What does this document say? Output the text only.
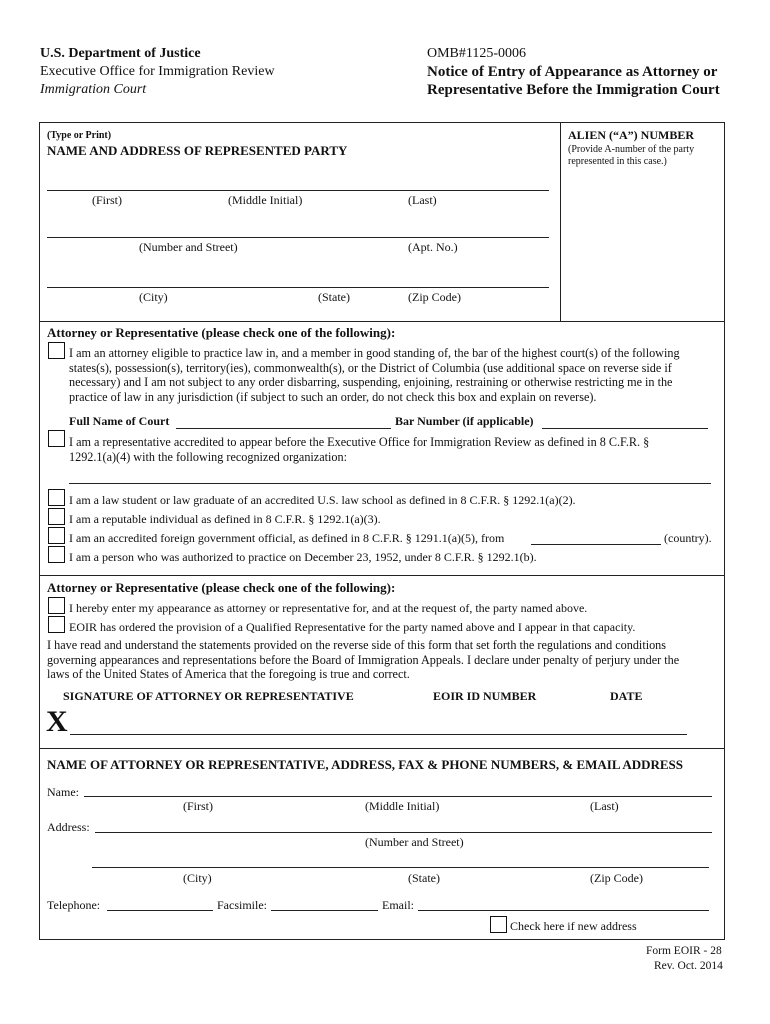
U.S. Department of Justice
Executive Office for Immigration Review
Immigration Court
OMB#1125-0006
Notice of Entry of Appearance as Attorney or
Representative Before the Immigration Court
(Type or Print)
NAME AND ADDRESS OF REPRESENTED PARTY
ALIEN (“A”) NUMBER
(Provide A-number of the party
represented in this case.)
(First)	(Middle Initial)	(Last)
(Number and Street)	(Apt. No.)
(City)	(State)	(Zip Code)
Attorney or Representative (please check one of the following):
I am an attorney eligible to practice law in, and a member in good standing of, the bar of the highest court(s) of the following
states(s), possession(s), territory(ies), commonwealth(s), or the District of Columbia (use additional space on reverse side if
necessary) and I am not subject to any order disbarring, suspending, enjoining, restraining or otherwise restricting me in the
practice of law in any jurisdiction (if subject to such an order, do not check this box and explain on reverse).
Full Name of Court	Bar Number (if applicable)
I am a representative accredited to appear before the Executive Office for Immigration Review as defined in 8 C.F.R. §
1292.1(a)(4) with the following recognized organization:
I am a law student or law graduate of an accredited U.S. law school as defined in 8 C.F.R. § 1292.1(a)(2).
I am a reputable individual as defined in 8 C.F.R. § 1292.1(a)(3).
I am an accredited foreign government official, as defined in 8 C.F.R. § 1291.1(a)(5), from	(country).
I am a person who was authorized to practice on December 23, 1952, under 8 C.F.R. § 1292.1(b).
Attorney or Representative (please check one of the following):
I hereby enter my appearance as attorney or representative for, and at the request of, the party named above.
EOIR has ordered the provision of a Qualified Representative for the party named above and I appear in that capacity.
I have read and understand the statements provided on the reverse side of this form that set forth the regulations and conditions
governing appearances and representations before the Board of Immigration Appeals. I declare under penalty of perjury under the
laws of the United States of America that the foregoing is true and correct.
SIGNATURE OF ATTORNEY OR REPRESENTATIVE	EOIR ID NUMBER	DATE
X
NAME OF ATTORNEY OR REPRESENTATIVE, ADDRESS, FAX & PHONE NUMBERS, & EMAIL ADDRESS
Name:
(First)	(Middle Initial)	(Last)
Address:
(Number and Street)
(City)	(State)	(Zip Code)
Telephone:	Facsimile:	Email:
Check here if new address
Form EOIR - 28
Rev. Oct. 2014
